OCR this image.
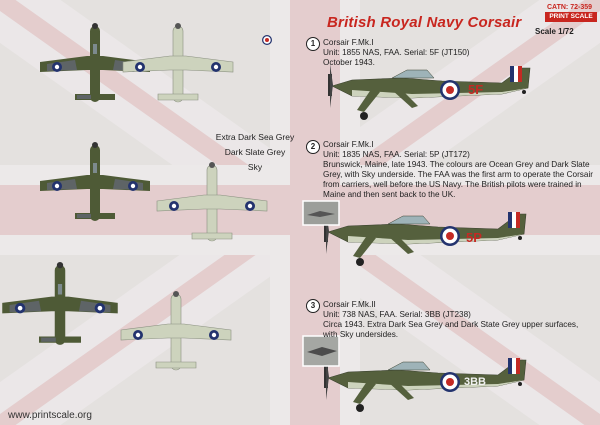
British Royal Navy Corsair
CATN: 72-359
PRINT SCALE
Scale 1/72
1 Corsair F.Mk.I
Unit: 1855 NAS, FAA. Serial: 5F (JT150)
October 1943.
5F
2 Corsair F.Mk.I
Unit: 1835 NAS, FAA. Serial: 5P (JT172)
Brunswick, Maine, late 1943. The colours are Ocean Grey and Dark Slate Grey, with Sky underside. The FAA was the first arm to operate the Corsair from carriers, well before the US Navy. The British pilots were trained in Maine and then sent back to the UK.
5P
3 Corsair F.Mk.II
Unit: 738 NAS, FAA. Serial: 3BB (JT238)
Circa 1943. Extra Dark Sea Grey and Dark State Grey upper surfaces, with Sky undersides.
3BB
Extra Dark Sea Grey
Dark Slate Grey
Sky
www.printscale.org
